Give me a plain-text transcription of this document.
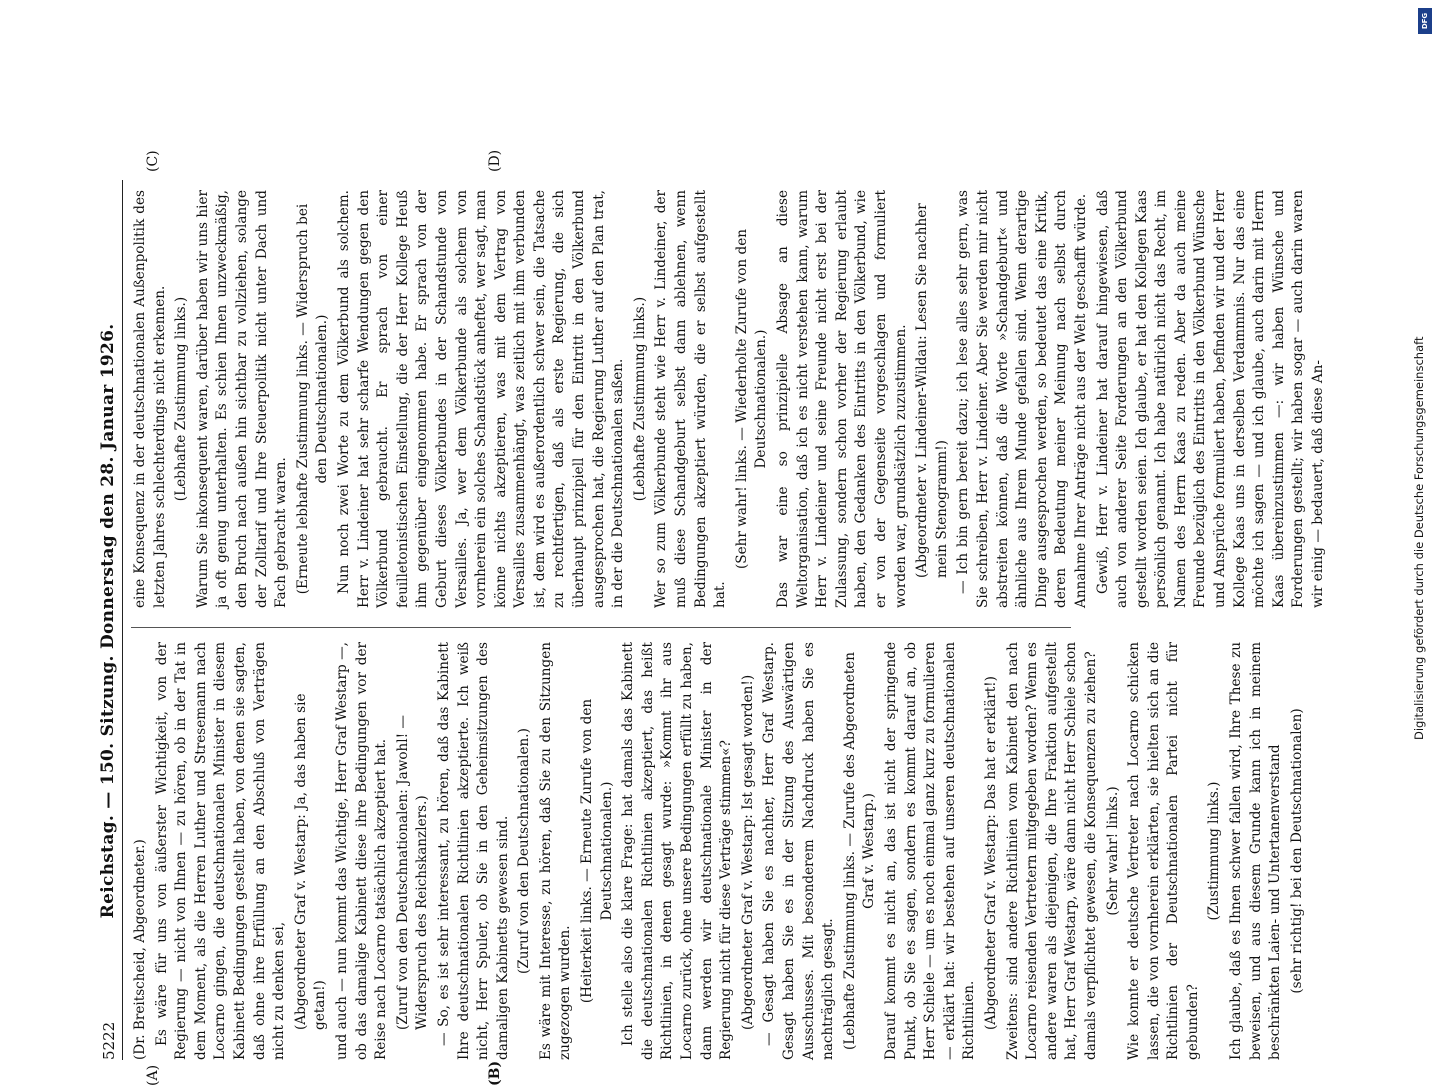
5222
Reichstag. — 150. Sitzung. Donnerstag den 28. Januar 1926.
(A)	(B)
(C)	(D)

(Dr. Breitscheid, Abgeordneter.) Es wäre für uns von äußerster Wichtigkeit, von der Regierung — nicht von Ihnen — zu hören, ob in der Tat in dem Moment, als die Herren Luther und Stresemann nach Locarno gingen, die deutschnationalen Minister in diesem Kabinett Bedingungen gestellt haben, von denen sie sagten, daß ohne ihre Erfüllung an den Abschluß von Verträgen nicht zu denken sei, (Abgeordneter Graf v. Westarp: Ja, das haben sie getan!) und auch — nun kommt das Wichtige, Herr Graf Westarp —, ob das damalige Kabinett diese ihre Bedingungen vor der Reise nach Locarno tatsächlich akzeptiert hat. (Zuruf von den Deutschnationalen: Jawohl! — Widerspruch des Reichskanzlers.) — So, es ist sehr interessant, zu hören, daß das Kabinett Ihre deutschnationalen Richtlinien akzeptierte. Ich weiß nicht, Herr Spuler, ob Sie in den Geheimsitzungen des damaligen Kabinetts gewesen sind. (Zuruf von den Deutschnationalen.) Es wäre mit Interesse, zu hören, daß Sie zu den Sitzungen zugezogen wurden. (Heiterkeit links. — Erneute Zurufe von den Deutschnationalen.) Ich stelle also die klare Frage: hat damals das Kabinett die deutschnationalen Richtlinien akzeptiert, das heißt Richtlinien, in denen gesagt wurde: »Kommt ihr aus Locarno zurück, ohne unsere Bedingungen erfüllt zu haben, dann werden wir deutschnationale Minister in der Regierung nicht für diese Verträge stimmen«? (Abgeordneter Graf v. Westarp: Ist gesagt worden!) — Gesagt haben Sie es nachher, Herr Graf Westarp. Gesagt haben Sie es in der Sitzung des Auswärtigen Ausschusses. Mit besonderem Nachdruck haben Sie es nachträglich gesagt. (Lebhafte Zustimmung links. — Zurufe des Abgeordneten Graf v. Westarp.) Darauf kommt es nicht an, das ist nicht der springende Punkt, ob Sie es sagen, sondern es kommt darauf an, ob Herr Schiele — um es noch einmal ganz kurz zu formulieren — erklärt hat: wir bestehen auf unseren deutschnationalen Richtlinien. (Abgeordneter Graf v. Westarp: Das hat er erklärt!) Zweitens: sind andere Richtlinien vom Kabinett den nach Locarno reisenden Vertretern mitgegeben worden? Wenn es andere waren als diejenigen, die Ihre Fraktion aufgestellt hat, Herr Graf Westarp, wäre dann nicht Herr Schiele schon damals verpflichtet gewesen, die Konsequenzen zu ziehen? (Sehr wahr! links.) Wie konnte er deutsche Vertreter nach Locarno schicken lassen, die von vornherein erklärten, sie hielten sich an die Richtlinien der Deutschnationalen Partei nicht für gebunden?

(Zustimmung links.) Ich glaube, daß es Ihnen schwer fallen wird, Ihre These zu beweisen, und aus diesem Grunde kann ich in meinem beschränkten Laien- und Untertanenverstand (sehr richtig! bei den Deutschnationalen)

eine Konsequenz in der deutschnationalen Außenpolitik des letzten Jahres schlechterdings nicht erkennen. (Lebhafte Zustimmung links.) Warum Sie inkonsequent waren, darüber haben wir uns hier ja oft genug unterhalten. Es schien Ihnen unzweckmäßig, den Bruch nach außen hin sichtbar zu vollziehen, solange der Zolltarif und Ihre Steuerpolitik nicht unter Dach und Fach gebracht waren. (Erneute lebhafte Zustimmung links. — Widerspruch bei den Deutschnationalen.) Nun noch zwei Worte zu dem Völkerbund als solchem. Herr v. Lindeiner hat sehr scharfe Wendungen gegen den Völkerbund gebraucht. Er sprach von einer feuilletonistischen Einstellung, die der Herr Kollege Heuß ihm gegenüber eingenommen habe. Er sprach von der Geburt dieses Völkerbundes in der Schandstunde von Versailles. Ja, wer dem Völkerbunde als solchem von vornherein ein solches Schandstück anheftet, wer sagt, man könne nichts akzeptieren, was mit dem Vertrag von Versailles zusammenhängt, was zeitlich mit ihm verbunden ist, dem wird es außerordentlich schwer sein, die Tatsache zu rechtfertigen, daß als erste Regierung, die sich überhaupt prinzipiell für den Eintritt in den Völkerbund ausgesprochen hat, die Regierung Luther auf den Plan trat, in der die Deutschnationalen saßen. (Lebhafte Zustimmung links.) Wer so zum Völkerbunde steht wie Herr v. Lindeiner, der muß diese Schandgeburt selbst dann ablehnen, wenn Bedingungen akzeptiert würden, die er selbst aufgestellt hat.

(Sehr wahr! links. — Wiederholte Zurufe von den Deutschnationalen.) Das war eine so prinzipielle Absage an diese Weltorganisation, daß ich es nicht verstehen kann, warum Herr v. Lindeiner und seine Freunde nicht erst bei der Zulassung, sondern schon vorher der Regierung erlaubt haben, den Gedanken des Eintritts in den Völkerbund, wie er von der Gegenseite vorgeschlagen und formuliert worden war, grundsätzlich zuzustimmen. (Abgeordneter v. Lindeiner-Wildau: Lesen Sie nachher mein Stenogramm!) — Ich bin gern bereit dazu; ich lese alles sehr gern, was Sie schreiben, Herr v. Lindeiner. Aber Sie werden mir nicht abstreiten können, daß die Worte »Schandgeburt« und ähnliche aus Ihrem Munde gefallen sind. Wenn derartige Dinge ausgesprochen werden, so bedeutet das eine Kritik, deren Bedeutung meiner Meinung nach selbst durch Annahme Ihrer Anträge nicht aus der Welt geschafft würde. Gewiß, Herr v. Lindeiner hat darauf hingewiesen, daß auch von anderer Seite Forderungen an den Völkerbund gestellt worden seien. Ich glaube, er hat den Kollegen Kaas persönlich genannt. Ich habe natürlich nicht das Recht, im Namen des Herrn Kaas zu reden. Aber da auch meine Freunde bezüglich des Eintritts in den Völkerbund Wünsche und Ansprüche formuliert haben, befinden wir und der Herr Kollege Kaas uns in derselben Verdammnis. Nur das eine möchte ich sagen — und ich glaube, auch darin mit Herrn Kaas übereinzustimmen —: wir haben Wünsche und Forderungen gestellt; wir haben sogar — auch darin waren wir einig — bedauert, daß diese An-	Digitalisierung gefördert durch die Deutsche Forschungsgemeinschaft
DFG
